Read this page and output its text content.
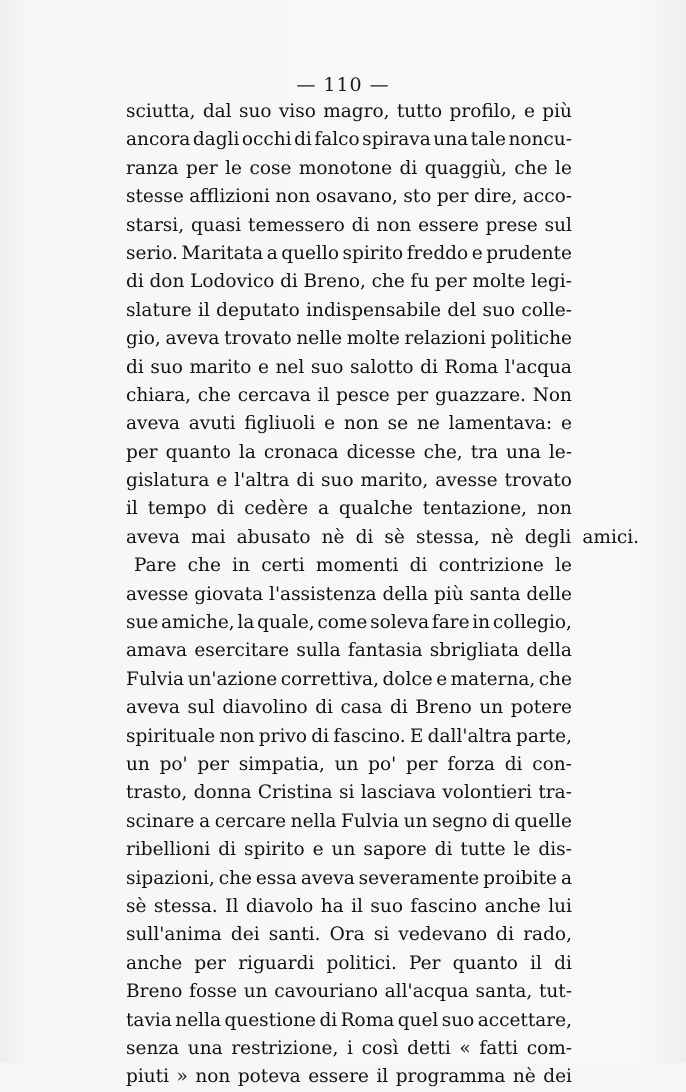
— 110 —
sciutta, dal suo viso magro, tutto profilo, e più
ancora dagli occhi di falco spirava una tale noncu-
ranza per le cose monotone di quaggiù, che le
stesse afflizioni non osavano, sto per dire, acco-
starsi, quasi temessero di non essere prese sul
serio. Maritata a quello spirito freddo e prudente
di don Lodovico di Breno, che fu per molte legi-
slature il deputato indispensabile del suo colle-
gio, aveva trovato nelle molte relazioni politiche
di suo marito e nel suo salotto di Roma l'acqua
chiara, che cercava il pesce per guazzare. Non
aveva avuti figliuoli e non se ne lamentava: e
per quanto la cronaca dicesse che, tra una le-
gislatura e l'altra di suo marito, avesse trovato
il tempo di cedère a qualche tentazione, non
aveva mai abusato nè di sè stessa, nè degli amici.
Pare che in certi momenti di contrizione le
avesse giovata l'assistenza della più santa delle
sue amiche, la quale, come soleva fare in collegio,
amava esercitare sulla fantasia sbrigliata della
Fulvia un'azione correttiva, dolce e materna, che
aveva sul diavolino di casa di Breno un potere
spirituale non privo di fascino. E dall'altra parte,
un po' per simpatia, un po' per forza di con-
trasto, donna Cristina si lasciava volontieri tra-
scinare a cercare nella Fulvia un segno di quelle
ribellioni di spirito e un sapore di tutte le dis-
sipazioni, che essa aveva severamente proibite a
sè stessa. Il diavolo ha il suo fascino anche lui
sull'anima dei santi. Ora si vedevano di rado,
anche per riguardi politici. Per quanto il di
Breno fosse un cavouriano all'acqua santa, tut-
tavia nella questione di Roma quel suo accettare,
senza una restrizione, i così detti « fatti com-
piuti » non poteva essere il programma nè dei
